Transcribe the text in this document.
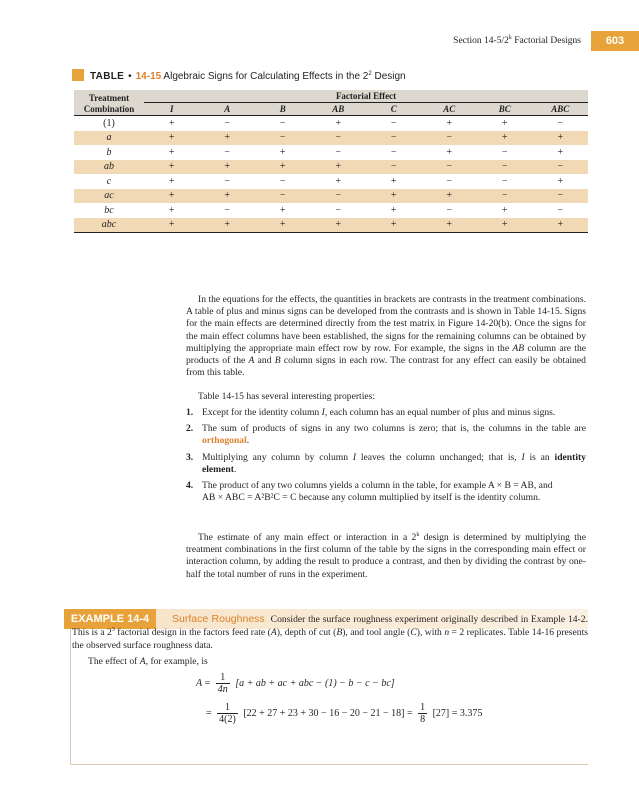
Section 14-5/2$^k$ Factorial Designs	603
TABLE • 14-15 Algebraic Signs for Calculating Effects in the $2^2$ Design
Treatment	Factorial Effect							
Combination	I	A	B	AB	C	AC	BC	ABC
(1)	+	−	−	+	−	+	+	−
a	+	+	−	−	−	−	+	+
b	+	−	+	−	−	+	−	+
ab	+	+	+	+	−	−	−	−
c	+	−	−	+	+	−	−	+
ac	+	+	−	−	+	+	−	−
bc	+	−	+	−	+	−	+	−
abc	+	+	+	+	+	+	+	+
In the equations for the effects, the quantities in brackets are contrasts in the treatment combinations. A table of plus and minus signs can be developed from the contrasts and is shown in Table 14-15. Signs for the main effects are determined directly from the test matrix in Figure 14-20(b). Once the signs for the main effect columns have been established, the signs for the remaining columns can be obtained by multiplying the appropriate main effect row by row. For example, the signs in the AB column are the products of the A and B column signs in each row. The contrast for any effect can easily be obtained from this table.
Table 14-15 has several interesting properties:
1. Except for the identity column I, each column has an equal number of plus and minus signs.
2. The sum of products of signs in any two columns is zero; that is, the columns in the table are orthogonal.
3. Multiplying any column by column I leaves the column unchanged; that is, I is an identity element.
4. The product of any two columns yields a column in the table, for example A × B = AB, and
AB × ABC = A²B²C = C because any column multiplied by itself is the identity column.
The estimate of any main effect or interaction in a 2$^k$ design is determined by multiplying the treatment combinations in the first column of the table by the signs in the corresponding main effect or interaction column, by adding the result to produce a contrast, and then by dividing the contrast by one-half the total number of runs in the experiment.
EXAMPLE 14-4	Surface Roughness Consider the surface roughness experiment originally described in Example 14-2. This is a $2^3$ factorial design in the factors feed rate (A), depth of cut (B), and tool angle (C), with n = 2 replicates. Table 14-16 presents the observed surface roughness data.
The effect of A, for example, is
$A = \frac{1}{4n} [a$ + ab + ac + abc − (1) − b − c − bc]
= $\frac{1}{4(2)} [22 + 27 + 23 + 30 - 16 - 20 - 21 - 18] = \frac{1}{8} [27] = 3.375$
